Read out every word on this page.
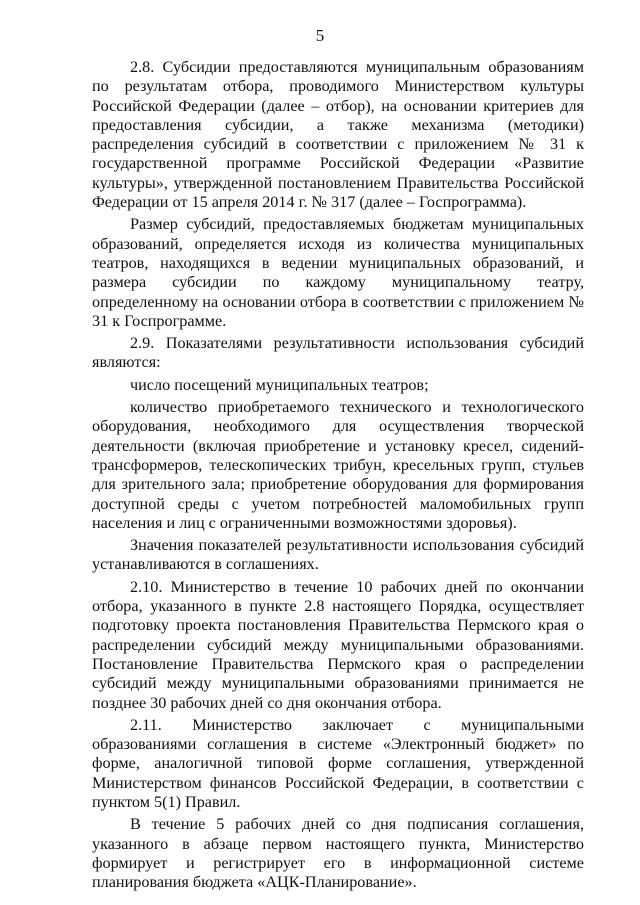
5

2.8. Субсидии предоставляются муниципальным образованиям по результатам отбора, проводимого Министерством культуры Российской Федерации (далее – отбор), на основании критериев для предоставления субсидии, а также механизма (методики) распределения субсидий в соответствии с приложением № 31 к государственной программе Российской Федерации «Развитие культуры», утвержденной постановлением Правительства Российской Федерации от 15 апреля 2014 г. № 317 (далее – Госпрограмма).

Размер субсидий, предоставляемых бюджетам муниципальных образований, определяется исходя из количества муниципальных театров, находящихся в ведении муниципальных образований, и размера субсидии по каждому муниципальному театру, определенному на основании отбора в соответствии с приложением № 31 к Госпрограмме.

2.9. Показателями результативности использования субсидий являются:

число посещений муниципальных театров;

количество приобретаемого технического и технологического оборудования, необходимого для осуществления творческой деятельности (включая приобретение и установку кресел, сидений-трансформеров, телескопических трибун, кресельных групп, стульев для зрительного зала; приобретение оборудования для формирования доступной среды с учетом потребностей маломобильных групп населения и лиц с ограниченными возможностями здоровья).

Значения показателей результативности использования субсидий устанавливаются в соглашениях.

2.10. Министерство в течение 10 рабочих дней по окончании отбора, указанного в пункте 2.8 настоящего Порядка, осуществляет подготовку проекта постановления Правительства Пермского края о распределении субсидий между муниципальными образованиями. Постановление Правительства Пермского края о распределении субсидий между муниципальными образованиями принимается не позднее 30 рабочих дней со дня окончания отбора.

2.11. Министерство заключает с муниципальными образованиями соглашения в системе «Электронный бюджет» по форме, аналогичной типовой форме соглашения, утвержденной Министерством финансов Российской Федерации, в соответствии с пунктом 5(1) Правил.

В течение 5 рабочих дней со дня подписания соглашения, указанного в абзаце первом настоящего пункта, Министерство формирует и регистрирует его в информационной системе планирования бюджета «АЦК-Планирование».
